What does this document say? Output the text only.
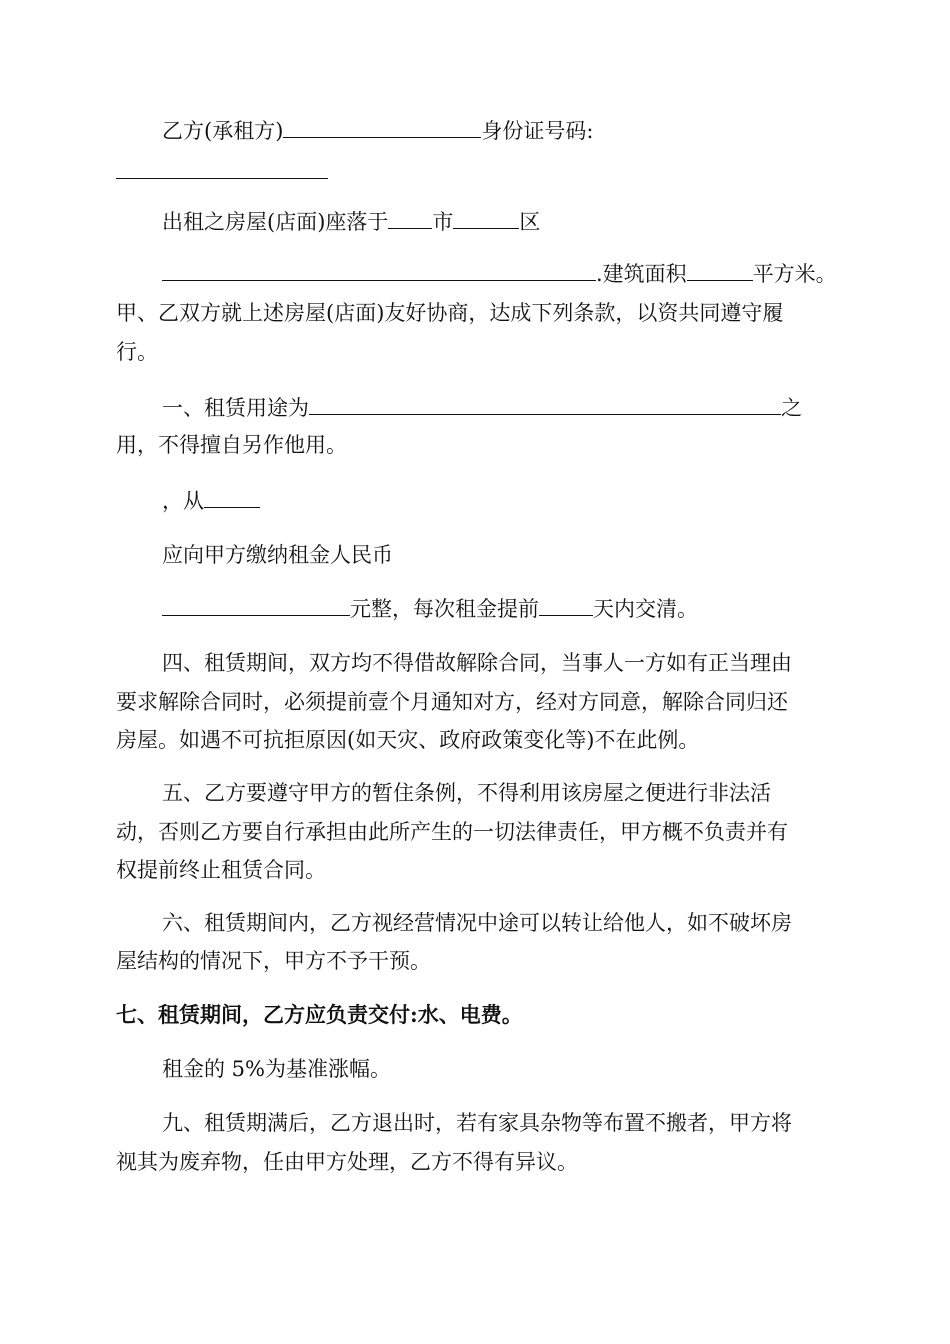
乙方(承租方)	身份证号码:
出租之房屋(店面)座落于 市	区
.建筑面积	平方米。
甲、乙双方就上述房屋(店面)友好协商，达成下列条款，以资共同遵守履
行。
一、租赁用途为	之
用，不得擅自另作他用。
，从
应向甲方缴纳租金人民币
元整，每次租金提前	天内交清。
四、租赁期间，双方均不得借故解除合同，当事人一方如有正当理由
要求解除合同时，必须提前壹个月通知对方，经对方同意，解除合同归还
房屋。如遇不可抗拒原因(如天灾、政府政策变化等)不在此例。
五、乙方要遵守甲方的暂住条例，不得利用该房屋之便进行非法活
动，否则乙方要自行承担由此所产生的一切法律责任，甲方概不负责并有
权提前终止租赁合同。
六、租赁期间内，乙方视经营情况中途可以转让给他人，如不破坏房
屋结构的情况下，甲方不予干预。
七、租赁期间，乙方应负责交付:水、电费。
租金的 5%为基准涨幅。
九、租赁期满后，乙方退出时，若有家具杂物等布置不搬者，甲方将
视其为废弃物，任由甲方处理，乙方不得有异议。
